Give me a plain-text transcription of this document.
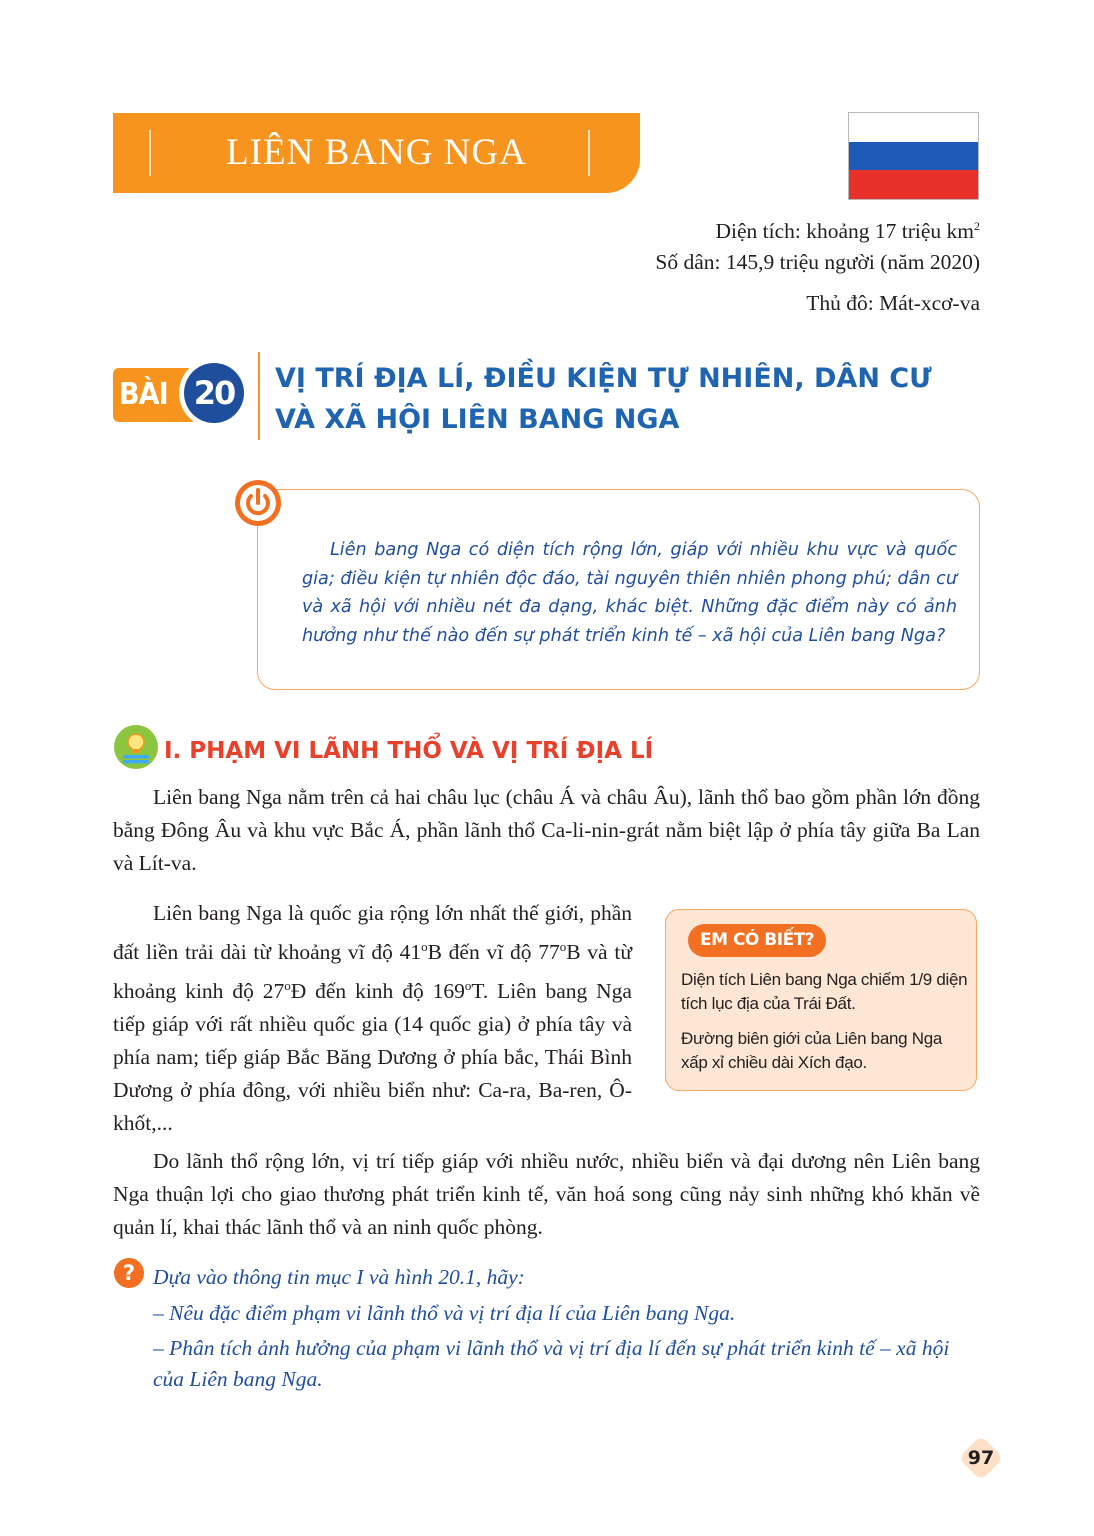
LIÊN BANG NGA
Diện tích: khoảng 17 triệu $km^2$
Số dân: 145,9 triệu người (năm 2020)
Thủ đô: Mát-xcơ-va
BÀI 20	VỊ TRÍ ĐỊA LÍ, ĐIỀU KIỆN TỰ NHIÊN, DÂN CƯ
VÀ XÃ HỘI LIÊN BANG NGA
Liên bang Nga có diện tích rộng lớn, giáp với nhiều khu vực và quốc gia; điều kiện tự nhiên độc đáo, tài nguyên thiên nhiên phong phú; dân cư và xã hội với nhiều nét đa dạng, khác biệt. Những đặc điểm này có ảnh hưởng như thế nào đến sự phát triển kinh tế – xã hội của Liên bang Nga?
I. PHẠM VI LÃNH THỔ VÀ VỊ TRÍ ĐỊA LÍ
Liên bang Nga nằm trên cả hai châu lục (châu Á và châu Âu), lãnh thổ bao gồm phần lớn đồng bằng Đông Âu và khu vực Bắc Á, phần lãnh thổ Ca-li-nin-grát nằm biệt lập ở phía tây giữa Ba Lan và Lít-va.
Liên bang Nga là quốc gia rộng lớn nhất thế giới, phần đất liền trải dài từ khoảng vĩ độ 41$^o$B đến vĩ độ 77$^o$B và từ khoảng kinh độ 27$^o$Đ đến kinh độ 169$^o$T. Liên bang Nga tiếp giáp với rất nhiều quốc gia (14 quốc gia) ở phía tây và phía nam; tiếp giáp Bắc Băng Dương ở phía bắc, Thái Bình Dương ở phía đông, với nhiều biển như: Ca-ra, Ba-ren, Ô-khốt,...
EM CÓ BIẾT?
Diện tích Liên bang Nga chiếm 1/9 diện tích lục địa của Trái Đất.
Đường biên giới của Liên bang Nga xấp xỉ chiều dài Xích đạo.
Do lãnh thổ rộng lớn, vị trí tiếp giáp với nhiều nước, nhiều biển và đại dương nên Liên bang Nga thuận lợi cho giao thương phát triển kinh tế, văn hoá song cũng nảy sinh những khó khăn về quản lí, khai thác lãnh thổ và an ninh quốc phòng.
? Dựa vào thông tin mục I và hình 20.1, hãy:
– Nêu đặc điểm phạm vi lãnh thổ và vị trí địa lí của Liên bang Nga.
– Phân tích ảnh hưởng của phạm vi lãnh thổ và vị trí địa lí đến sự phát triển kinh tế – xã hội của Liên bang Nga.
97
